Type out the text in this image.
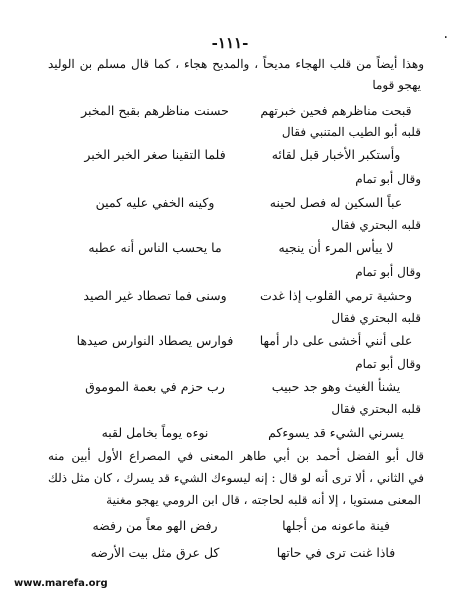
-١١١-	٠
وهذا أيضاً من قلب الهجاء مديحاً ، والمديح هجاء ، كما قال مسلم بن الوليد
يهجو قوما
قبحت مناظرهم فحين خبرتهم
حسنت مناظرهم بقبح المخبر
قلبه أبو الطيب المتنبي فقال
وأستكبر الأخبار قبل لقائه
فلما التقينا صغر الخبر الخبر
وقال أبو تمام
عباً السكين له فصل لحينه
وكينه الخفي عليه كمين
قلبه البحتري فقال
لا ييأس المرء أن ينجيه
ما يحسب الناس أنه عطبه
وقال أبو تمام
وحشية ترمي القلوب إذا غدت
وسنى فما تصطاد غير الصيد
قلبه البحتري فقال
على أنني أخشى على دار أمها
فوارس يصطاد النوارس صيدها
وقال أبو تمام
يشنأ الغيث وهو جد حبيب
رب حزم في بعمة الموموق
قلبه البحتري فقال
يسرني الشيء قد يسوءكم
نوءه يوماً بخامل لقبه
قال أبو الفضل أحمد بن أبي طاهر المعنى في المصراع الأول أبين منه
في الثاني ، ألا ترى أنه لو قال : إنه ليسوءك الشيء قد يسرك ، كان مثل ذلك
المعنى مستويا ، إلا أنه قلبه لحاجته ، قال ابن الرومي يهجو مغنية
فينة ماعونه من أجلها
رفض الهو معاً من رفضه
فاذا غنت ترى في حاتها
كل عرق مثل بيت الأرضه
www.marefa.org
